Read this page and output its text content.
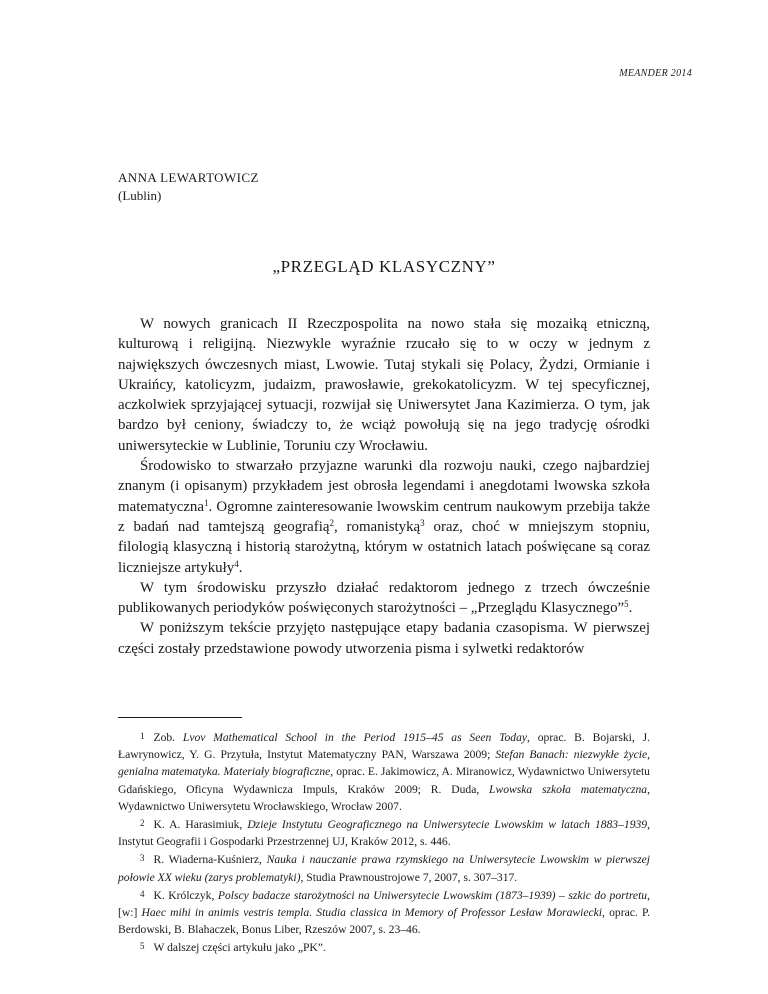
MEANDER 2014
ANNA LEWARTOWICZ
(Lublin)
„PRZEGLĄD KLASYCZNY”

W nowych granicach II Rzeczpospolita na nowo stała się mozaiką etniczną, kulturową i religijną. Niezwykle wyraźnie rzucało się to w oczy w jednym z największych ówczesnych miast, Lwowie. Tutaj stykali się Polacy, Żydzi, Ormianie i Ukraińcy, katolicyzm, judaizm, prawosławie, grekokatolicyzm. W tej specyficznej, aczkolwiek sprzyjającej sytuacji, rozwijał się Uniwersytet Jana Kazimierza. O tym, jak bardzo był ceniony, świadczy to, że wciąż powołują się na jego tradycję ośrodki uniwersyteckie w Lublinie, Toruniu czy Wrocławiu.

Środowisko to stwarzało przyjazne warunki dla rozwoju nauki, czego najbardziej znanym (i opisanym) przykładem jest obrosła legendami i anegdotami lwowska szkoła matematyczna$^1$. Ogromne zainteresowanie lwowskim centrum naukowym przebija także z badań nad tamtejszą geografią$^2$, romanistyką$^3$ oraz, choć w mniejszym stopniu, filologią klasyczną i historią starożytną, którym w ostatnich latach poświęcane są coraz liczniejsze artykuły$^4$.

W tym środowisku przyszło działać redaktorom jednego z trzech ówcześnie publikowanych periodyków poświęconych starożytności – „Przeglądu Klasycznego”$^5$.

W poniższym tekście przyjęto następujące etapy badania czasopisma. W pierwszej części zostały przedstawione powody utworzenia pisma i sylwetki redaktorów

1 Zob. Lvov Mathematical School in the Period 1915–45 as Seen Today, oprac. B. Bojarski, J. Ławrynowicz, Y. G. Przytuła, Instytut Matematyczny PAN, Warszawa 2009; Stefan Banach: niezwykłe życie, genialna matematyka. Materiały biograficzne, oprac. E. Jakimowicz, A. Miranowicz, Wydawnictwo Uniwersytetu Gdańskiego, Oficyna Wydawnicza Impuls, Kraków 2009; R. Duda, Lwowska szkoła matematyczna, Wydawnictwo Uniwersytetu Wrocławskiego, Wrocław 2007.

2 K. A. Harasimiuk, Dzieje Instytutu Geograficznego na Uniwersytecie Lwowskim w latach 1883–1939, Instytut Geografii i Gospodarki Przestrzennej UJ, Kraków 2012, s. 446.

3 R. Wiaderna-Kuśnierz, Nauka i nauczanie prawa rzymskiego na Uniwersytecie Lwowskim w pierwszej połowie XX wieku (zarys problematyki), Studia Prawnoustrojowe 7, 2007, s. 307–317.

4 K. Królczyk, Polscy badacze starożytności na Uniwersytecie Lwowskim (1873–1939) – szkic do portretu, [w:] Haec mihi in animis vestris templa. Studia classica in Memory of Professor Lesław Morawiecki, oprac. P. Berdowski, B. Blahaczek, Bonus Liber, Rzeszów 2007, s. 23–46.

5 W dalszej części artykułu jako „PK”.
